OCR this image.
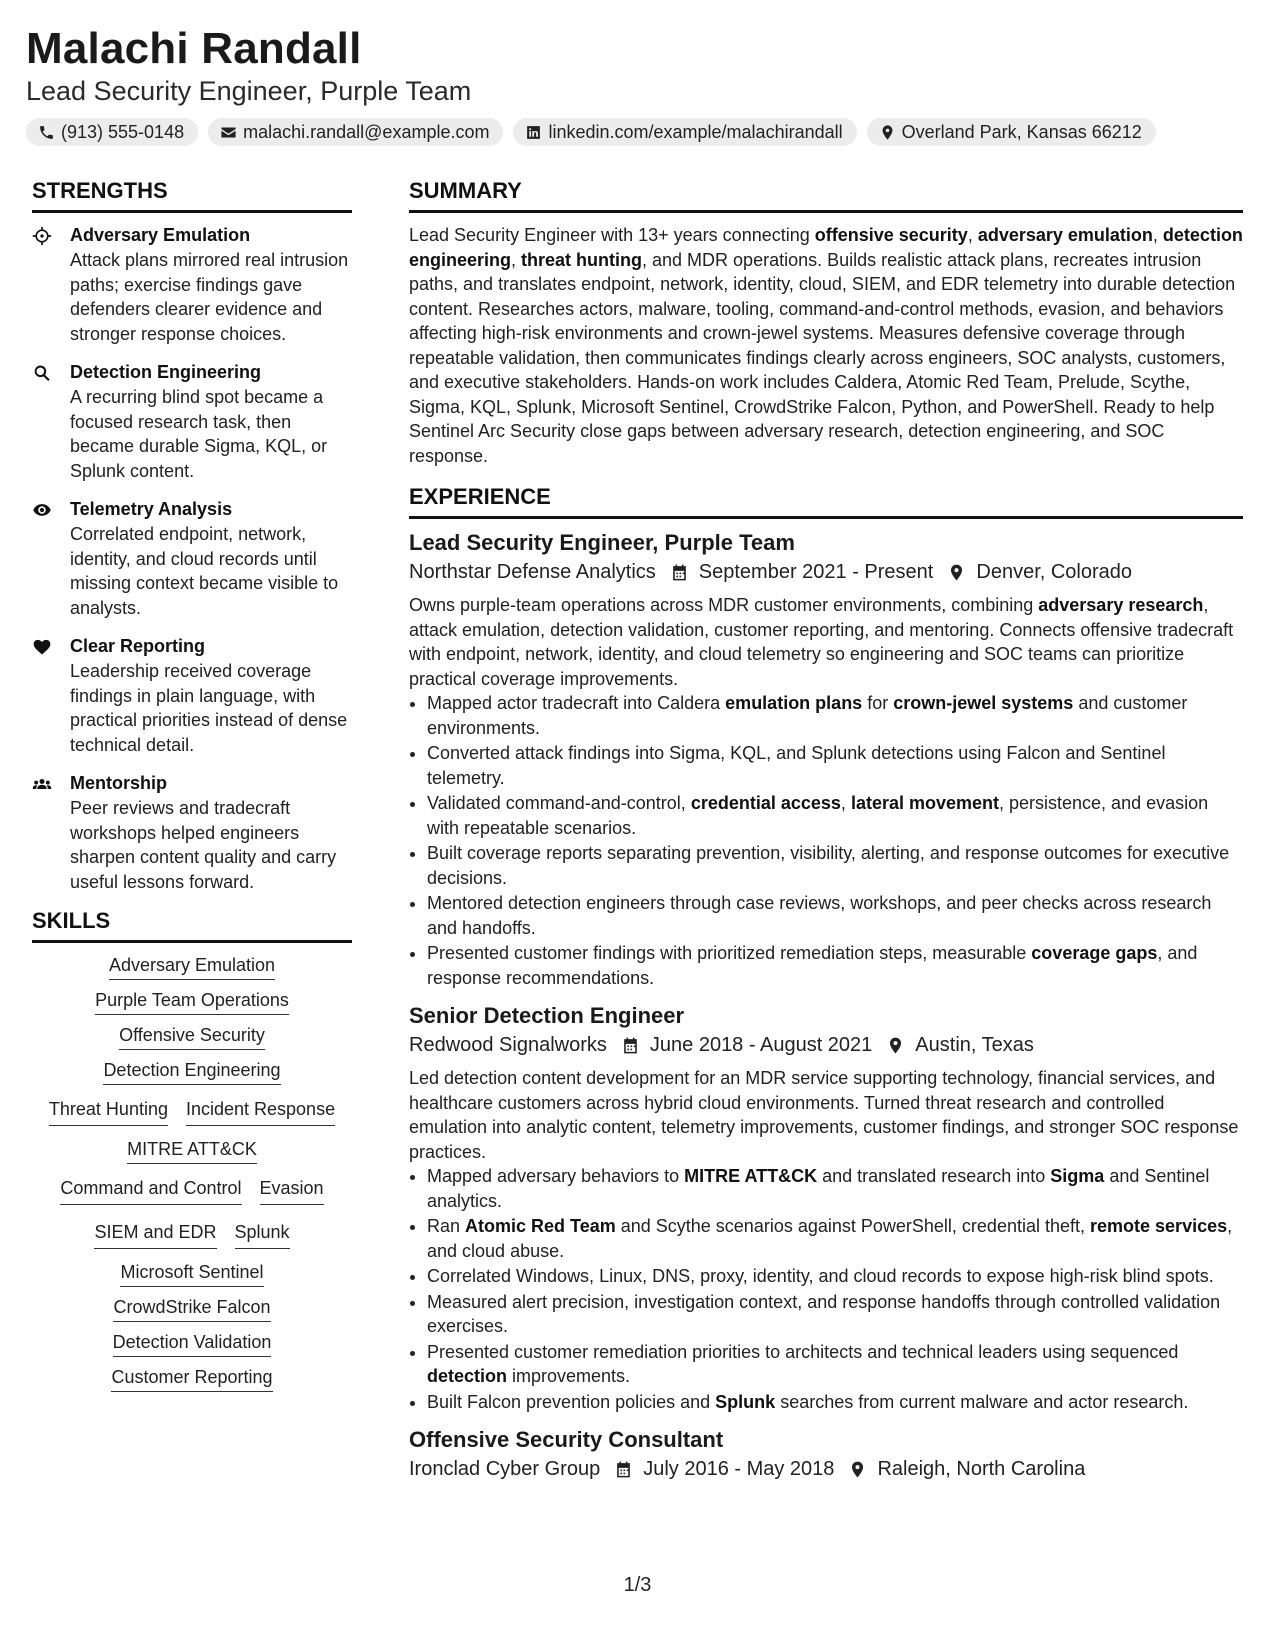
Malachi Randall
Lead Security Engineer, Purple Team
(913) 555-0148	malachi.randall@example.com	linkedin.com/example/malachirandall	Overland Park, Kansas 66212
STRENGTHS
Adversary Emulation
Attack plans mirrored real intrusion paths; exercise findings gave defenders clearer evidence and stronger response choices.
Detection Engineering
A recurring blind spot became a focused research task, then became durable Sigma, KQL, or Splunk content.
Telemetry Analysis
Correlated endpoint, network, identity, and cloud records until missing context became visible to analysts.
Clear Reporting
Leadership received coverage findings in plain language, with practical priorities instead of dense technical detail.
Mentorship
Peer reviews and tradecraft workshops helped engineers sharpen content quality and carry useful lessons forward.
SKILLS
Adversary Emulation
Purple Team Operations
Offensive Security
Detection Engineering
Threat Hunting Incident Response
MITRE ATT&CK
Command and Control Evasion
SIEM and EDR Splunk
Microsoft Sentinel
CrowdStrike Falcon
Detection Validation
Customer Reporting
SUMMARY
Lead Security Engineer with 13+ years connecting offensive security, adversary emulation, detection engineering, threat hunting, and MDR operations. Builds realistic attack plans, recreates intrusion paths, and translates endpoint, network, identity, cloud, SIEM, and EDR telemetry into durable detection content. Researches actors, malware, tooling, command-and-control methods, evasion, and behaviors affecting high-risk environments and crown-jewel systems. Measures defensive coverage through repeatable validation, then communicates findings clearly across engineers, SOC analysts, customers, and executive stakeholders. Hands-on work includes Caldera, Atomic Red Team, Prelude, Scythe, Sigma, KQL, Splunk, Microsoft Sentinel, CrowdStrike Falcon, Python, and PowerShell. Ready to help Sentinel Arc Security close gaps between adversary research, detection engineering, and SOC response.
EXPERIENCE
Lead Security Engineer, Purple Team
Northstar Defense Analytics September 2021 - Present Denver, Colorado
Owns purple-team operations across MDR customer environments, combining adversary research, attack emulation, detection validation, customer reporting, and mentoring. Connects offensive tradecraft with endpoint, network, identity, and cloud telemetry so engineering and SOC teams can prioritize practical coverage improvements.
• Mapped actor tradecraft into Caldera emulation plans for crown-jewel systems and customer environments.
• Converted attack findings into Sigma, KQL, and Splunk detections using Falcon and Sentinel telemetry.
• Validated command-and-control, credential access, lateral movement, persistence, and evasion with repeatable scenarios.
• Built coverage reports separating prevention, visibility, alerting, and response outcomes for executive decisions.
• Mentored detection engineers through case reviews, workshops, and peer checks across research and handoffs.
• Presented customer findings with prioritized remediation steps, measurable coverage gaps, and response recommendations.
Senior Detection Engineer
Redwood Signalworks June 2018 - August 2021 Austin, Texas
Led detection content development for an MDR service supporting technology, financial services, and healthcare customers across hybrid cloud environments. Turned threat research and controlled emulation into analytic content, telemetry improvements, customer findings, and stronger SOC response practices.
• Mapped adversary behaviors to MITRE ATT&CK and translated research into Sigma and Sentinel analytics.
• Ran Atomic Red Team and Scythe scenarios against PowerShell, credential theft, remote services, and cloud abuse.
• Correlated Windows, Linux, DNS, proxy, identity, and cloud records to expose high-risk blind spots.
• Measured alert precision, investigation context, and response handoffs through controlled validation exercises.
• Presented customer remediation priorities to architects and technical leaders using sequenced detection improvements.
• Built Falcon prevention policies and Splunk searches from current malware and actor research.
Offensive Security Consultant
Ironclad Cyber Group July 2016 - May 2018 Raleigh, North Carolina
1/3
